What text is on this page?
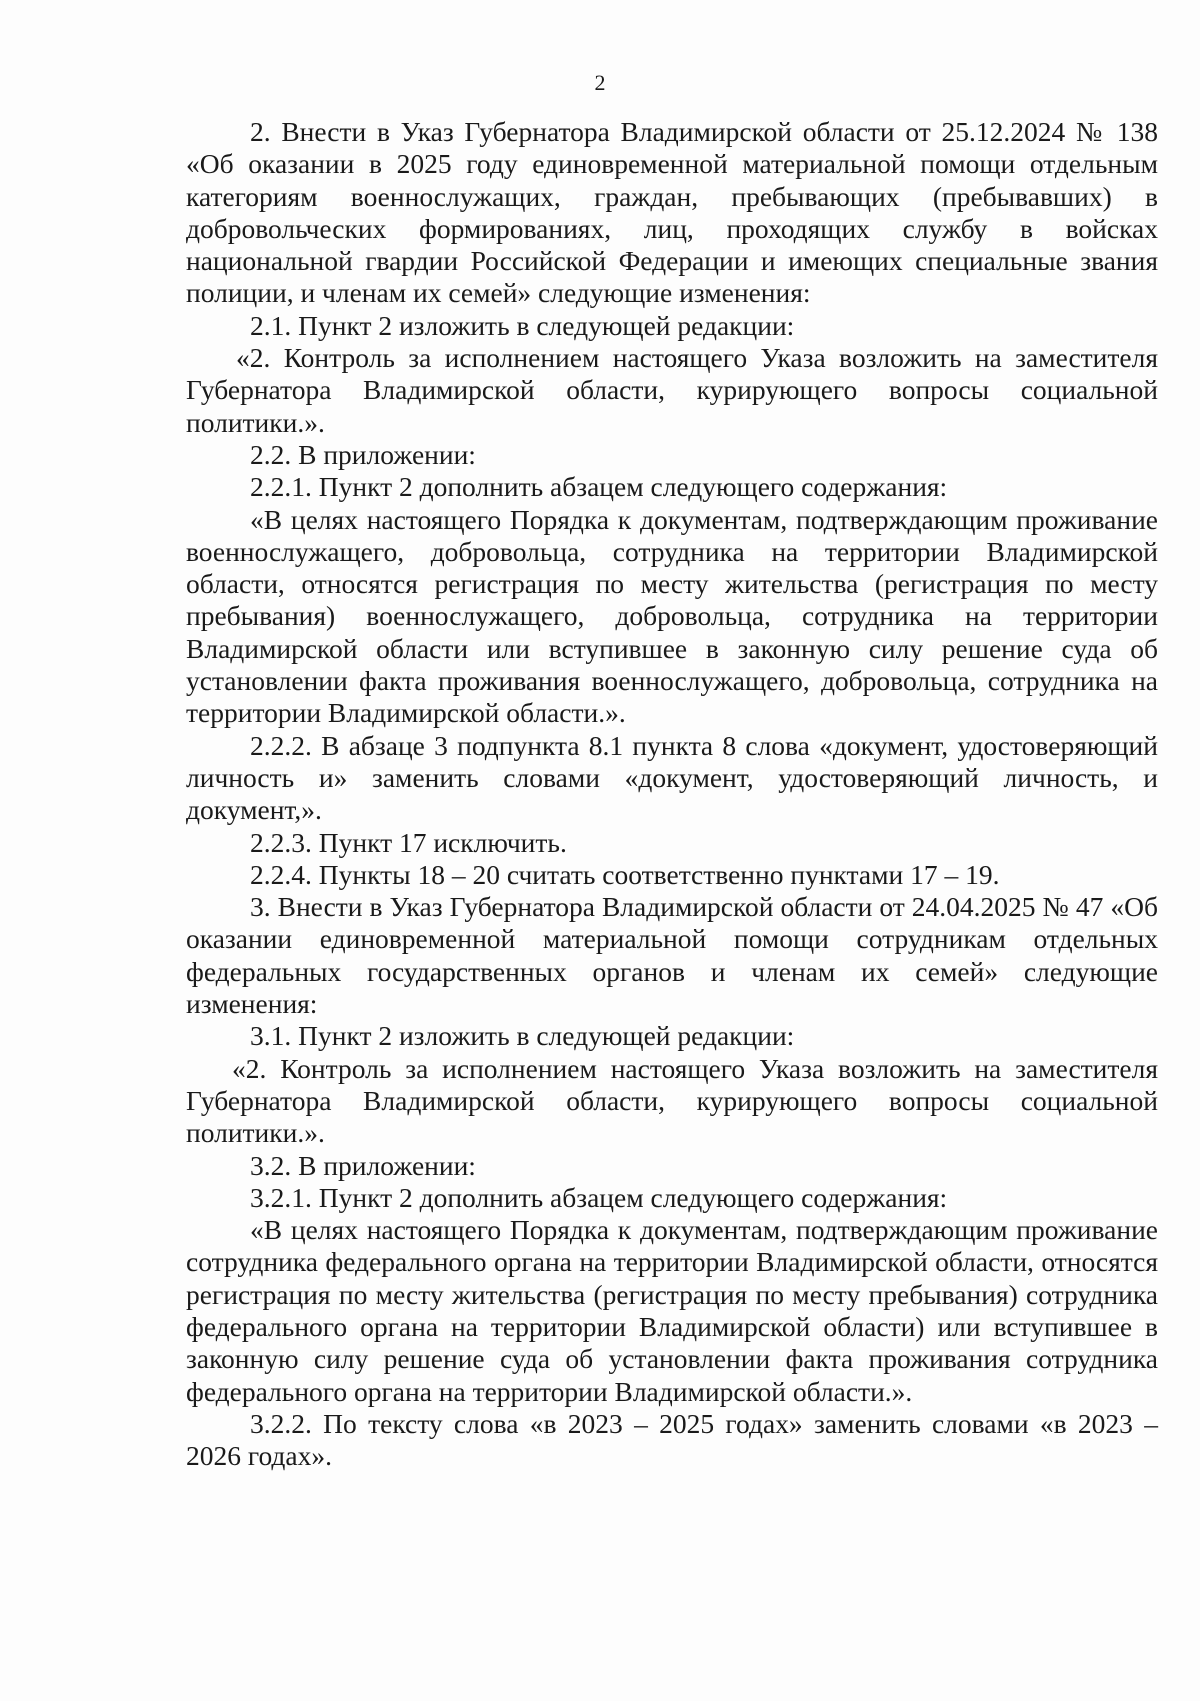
2

2. Внести в Указ Губернатора Владимирской области от 25.12.2024 № 138 «Об оказании в 2025 году единовременной материальной помощи отдельным категориям военнослужащих, граждан, пребывающих (пребывавших) в добровольческих формированиях, лиц, проходящих службу в войсках национальной гвардии Российской Федерации и имеющих специальные звания полиции, и членам их семей» следующие изменения:

2.1. Пункт 2 изложить в следующей редакции:

«2. Контроль за исполнением настоящего Указа возложить на заместителя Губернатора Владимирской области, курирующего вопросы социальной политики.».

2.2. В приложении:

2.2.1. Пункт 2 дополнить абзацем следующего содержания:

«В целях настоящего Порядка к документам, подтверждающим проживание военнослужащего, добровольца, сотрудника на территории Владимирской области, относятся регистрация по месту жительства (регистрация по месту пребывания) военнослужащего, добровольца, сотрудника на территории Владимирской области или вступившее в законную силу решение суда об установлении факта проживания военнослужащего, добровольца, сотрудника на территории Владимирской области.».

2.2.2. В абзаце 3 подпункта 8.1 пункта 8 слова «документ, удостоверяющий личность и» заменить словами «документ, удостоверяющий личность, и документ,».

2.2.3. Пункт 17 исключить.

2.2.4. Пункты 18 – 20 считать соответственно пунктами 17 – 19.

3. Внести в Указ Губернатора Владимирской области от 24.04.2025 № 47 «Об оказании единовременной материальной помощи сотрудникам отдельных федеральных государственных органов и членам их семей» следующие изменения:

3.1. Пункт 2 изложить в следующей редакции:

«2. Контроль за исполнением настоящего Указа возложить на заместителя Губернатора Владимирской области, курирующего вопросы социальной политики.».

3.2. В приложении:

3.2.1. Пункт 2 дополнить абзацем следующего содержания:

«В целях настоящего Порядка к документам, подтверждающим проживание сотрудника федерального органа на территории Владимирской области, относятся регистрация по месту жительства (регистрация по месту пребывания) сотрудника федерального органа на территории Владимирской области) или вступившее в законную силу решение суда об установлении факта проживания сотрудника федерального органа на территории Владимирской области.».

3.2.2. По тексту слова «в 2023 – 2025 годах» заменить словами «в 2023 – 2026 годах».
